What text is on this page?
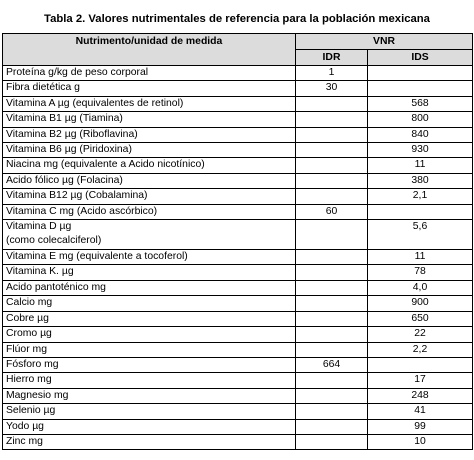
Tabla 2. Valores nutrimentales de referencia para la población mexicana
Nutrimento/unidad de medida	VNR	
	IDR	IDS
Proteína g/kg de peso corporal	1	
Fibra dietética g	30	
Vitamina A µg (equivalentes de retinol)		568
Vitamina B1 µg (Tiamina)		800
Vitamina B2 µg (Riboflavina)		840
Vitamina B6 µg (Piridoxina)		930
Niacina mg (equivalente a Acido nicotínico)		11
Acido fólico µg (Folacina)		380
Vitamina B12 µg (Cobalamina)		2,1
Vitamina C mg (Acido ascórbico)	60	
Vitamina D µg
(como colecalciferol)		5,6
Vitamina E mg (equivalente a tocoferol)		11
Vitamina K. µg		78
Acido pantoténico mg		4,0
Calcio mg		900
Cobre µg		650
Cromo µg		22
Flúor mg		2,2
Fósforo mg	664	
Hierro mg		17
Magnesio mg		248
Selenio µg		41
Yodo µg		99
Zinc mg		10
